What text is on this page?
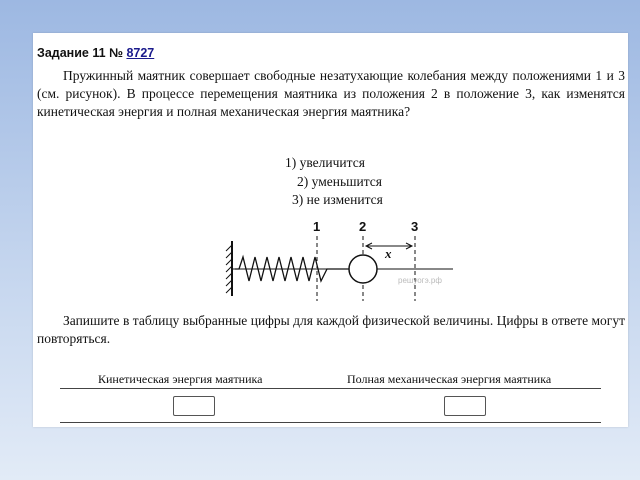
Задание 11 № 8727
Пружинный маятник совершает свободные незатухающие колебания между положениями 1 и 3 (см. рисунок). В процессе перемещения маятника из положения 2 в положение 3, как изменятся кинетическая энергия и полная механическая энергия маятника?
1) увеличится
2) уменьшится
3) не изменится
1	2	3
x
решуогэ.рф
Запишите в таблицу выбранные цифры для каждой физической величины. Цифры в ответе могут повторяться.
Кинетическая энергия маятника	Полная механическая энергия маятника
